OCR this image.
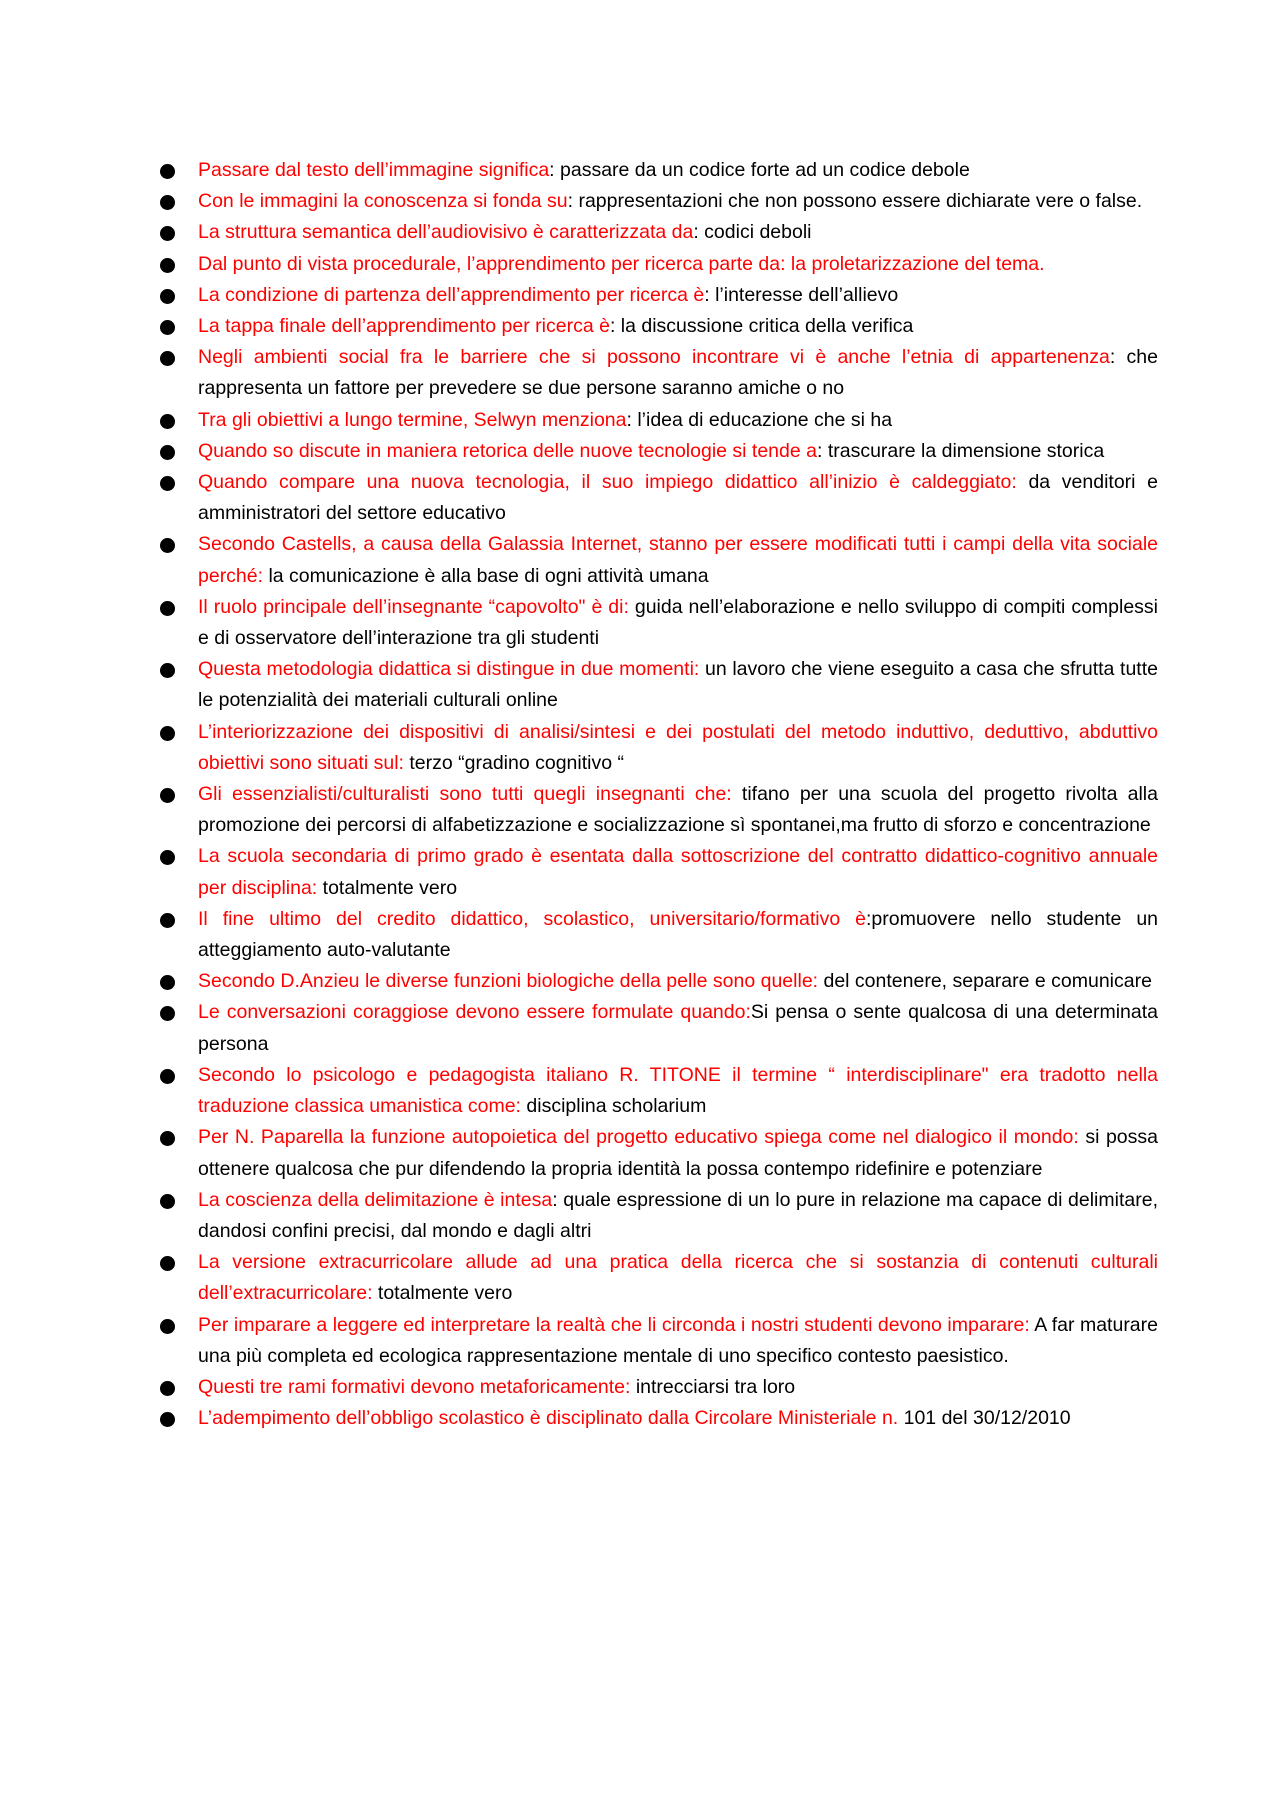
Passare dal testo dell’immagine significa: passare da un codice forte ad un codice debole
Con le immagini la conoscenza si fonda su: rappresentazioni che non possono essere dichiarate vere o false.
La struttura semantica dell’audiovisivo è caratterizzata da: codici deboli
Dal punto di vista procedurale, l’apprendimento per ricerca parte da: la proletarizzazione del tema.
La condizione di partenza dell’apprendimento per ricerca è: l’interesse dell’allievo
La tappa finale dell’apprendimento per ricerca è: la discussione critica della verifica
Negli ambienti social fra le barriere che si possono incontrare vi è anche l’etnia di appartenenza: che rappresenta un fattore per prevedere se due persone saranno amiche o no
Tra gli obiettivi a lungo termine, Selwyn menziona: l’idea di educazione che si ha
Quando so discute in maniera retorica delle nuove tecnologie si tende a: trascurare la dimensione storica
Quando compare una nuova tecnologia, il suo impiego didattico all’inizio è caldeggiato: da venditori e amministratori del settore educativo
Secondo Castells, a causa della Galassia Internet, stanno per essere modificati tutti i campi della vita sociale perché: la comunicazione è alla base di ogni attività umana
Il ruolo principale dell’insegnante “capovolto" è di: guida nell’elaborazione e nello sviluppo di compiti complessi e di osservatore dell’interazione tra gli studenti
Questa metodologia didattica si distingue in due momenti: un lavoro che viene eseguito a casa che sfrutta tutte le potenzialità dei materiali culturali online
L’interiorizzazione dei dispositivi di analisi/sintesi e dei postulati del metodo induttivo, deduttivo, abduttivo obiettivi sono situati sul: terzo “gradino cognitivo “
Gli essenzialisti/culturalisti sono tutti quegli insegnanti che: tifano per una scuola del progetto rivolta alla promozione dei percorsi di alfabetizzazione e socializzazione sì spontanei,ma frutto di sforzo e concentrazione
La scuola secondaria di primo grado è esentata dalla sottoscrizione del contratto didattico-cognitivo annuale per disciplina: totalmente vero
Il fine ultimo del credito didattico, scolastico, universitario/formativo è:promuovere nello studente un atteggiamento auto-valutante
Secondo D.Anzieu le diverse funzioni biologiche della pelle sono quelle: del contenere, separare e comunicare
Le conversazioni coraggiose devono essere formulate quando:Si pensa o sente qualcosa di una determinata persona
Secondo lo psicologo e pedagogista italiano R. TITONE il termine “ interdisciplinare" era tradotto nella traduzione classica umanistica come: disciplina scholarium
Per N. Paparella la funzione autopoietica del progetto educativo spiega come nel dialogico il mondo: si possa ottenere qualcosa che pur difendendo la propria identità la possa contempo ridefinire e potenziare
La coscienza della delimitazione è intesa: quale espressione di un lo pure in relazione ma capace di delimitare, dandosi confini precisi, dal mondo e dagli altri
La versione extracurricolare allude ad una pratica della ricerca che si sostanzia di contenuti culturali dell’extracurricolare: totalmente vero
Per imparare a leggere ed interpretare la realtà che li circonda i nostri studenti devono imparare: A far maturare una più completa ed ecologica rappresentazione mentale di uno specifico contesto paesistico.
Questi tre rami formativi devono metaforicamente: intrecciarsi tra loro
L’adempimento dell’obbligo scolastico è disciplinato dalla Circolare Ministeriale n. 101 del 30/12/2010
